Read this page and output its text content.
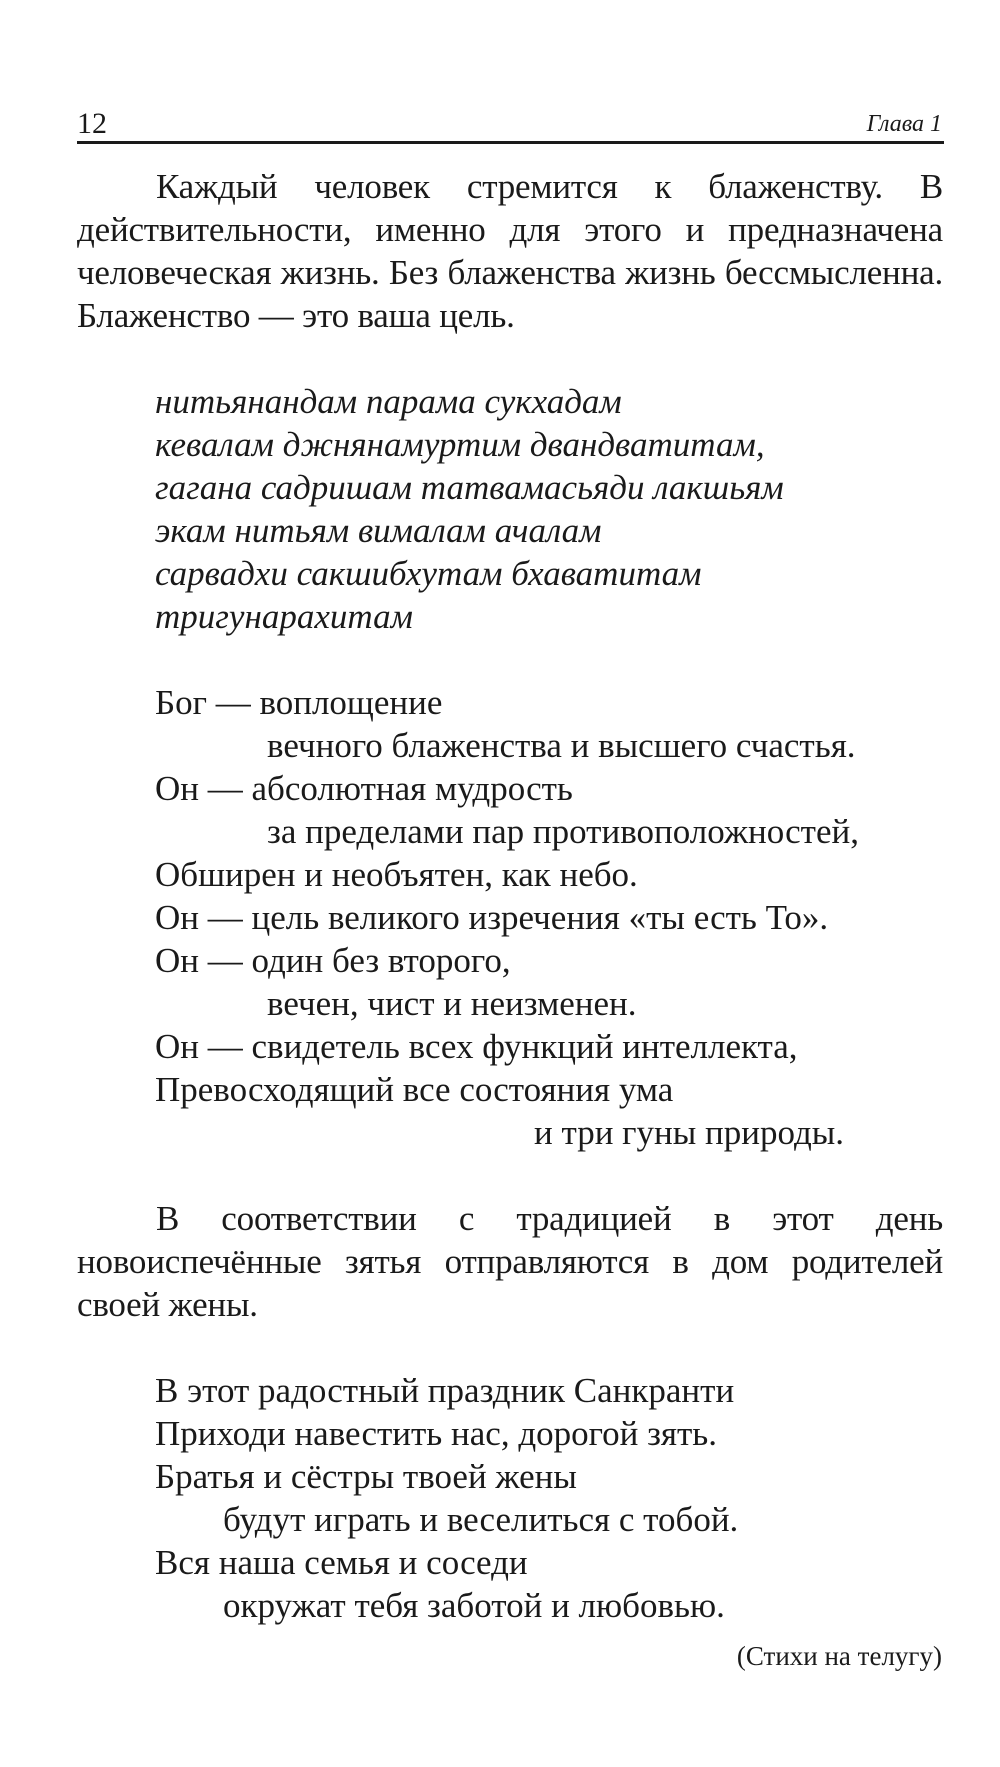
12	Глава 1

Каждый человек стремится к блаженству. В действительности, именно для этого и предназначена человеческая жизнь. Без блаженства жизнь бессмысленна. Блаженство — это ваша цель.

нитьянандам парама сукхадам
кевалам джнянамуртим двандватитам,
гагана садришам татвамасьяди лакшьям
экам нитьям вималам ачалам
сарвадхи сакшибхутам бхаватитам
тригунарахитам
Бог — воплощение
вечного блаженства и высшего счастья.
Он — абсолютная мудрость
за пределами пар противоположностей,
Обширен и необъятен, как небо.
Он — цель великого изречения «ты есть То».
Он — один без второго,
вечен, чист и неизменен.
Он — свидетель всех функций интеллекта,
Превосходящий все состояния ума
и три гуны природы.

В соответствии с традицией в этот день новоиспечённые зятья отправляются в дом родителей своей жены.

В этот радостный праздник Санкранти
Приходи навестить нас, дорогой зять.
Братья и сёстры твоей жены
будут играть и веселиться с тобой.
Вся наша семья и соседи
окружат тебя заботой и любовью.
(Стихи на телугу)
